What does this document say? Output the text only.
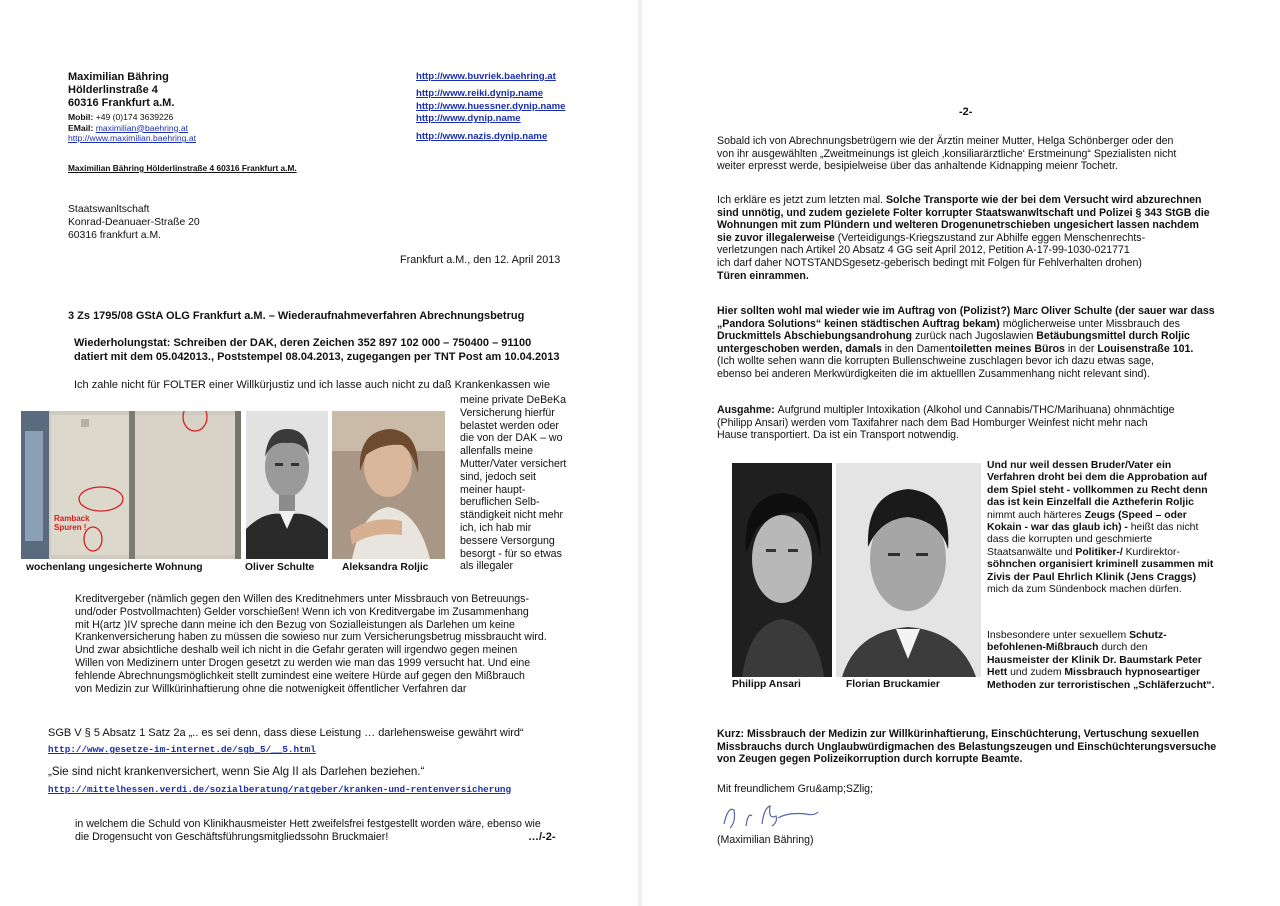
Maximilian Bähring
Hölderlinstraße 4
60316 Frankfurt a.M.
Mobil: +49 (0)174 3639226
EMail: maximilian@baehring.at
http://www.maximilian.baehring.at
http://www.buvriek.baehring.at
http://www.reiki.dynip.name
http://www.huessner.dynip.name
http://www.dynip.name
http://www.nazis.dynip.name
Maximilian Bähring Hölderlinstraße 4 60316 Frankfurt a.M.
Staatswanltschaft
Konrad-Deanuaer-Straße 20
60316 frankfurt a.M.
Frankfurt a.M., den 12. April 2013
3 Zs 1795/08 GStA OLG Frankfurt a.M. – Wiederaufnahmeverfahren Abrechnungsbetrug
Wiederholungstat: Schreiben der DAK, deren Zeichen 352 897 102 000 – 750400 – 91100
datiert mit dem 05.042013., Poststempel 08.04.2013, zugegangen per TNT Post am 10.04.2013
Ich zahle nicht für FOLTER einer Willkürjustiz und ich lasse auch nicht zu daß Krankenkassen wie
meine private DeBeKa
Versicherung hierfür
belastet werden oder
die von der DAK – wo
allenfalls meine
Mutter/Vater versichert
sind, jedoch seit
meiner haupt-
beruflichen Selb-
ständigkeit nicht mehr
ich, ich hab mir
bessere Versorgung
besorgt - für so etwas
als illegaler
Ramback Spuren !
wochenlang ungesicherte Wohnung	Oliver Schulte	Aleksandra Roljic
Kreditvergeber (nämlich gegen den Willen des Kreditnehmers unter Missbrauch von Betreuungs-
und/oder Postvollmachten) Gelder vorschießen! Wenn ich von Kreditvergabe im Zusammenhang
mit H(artz )IV spreche dann meine ich den Bezug von Sozialleistungen als Darlehen um keine
Krankenversicherung haben zu müssen die sowieso nur zum Versicherungsbetrug missbraucht wird.
Und zwar absichtliche deshalb weil ich nicht in die Gefahr geraten will irgendwo gegen meinen
Willen von Medizinern unter Drogen gesetzt zu werden wie man das 1999 versucht hat. Und eine
fehlende Abrechnungsmöglichkeit stellt zumindest eine weitere Hürde auf gegen den Mißbrauch
von Medizin zur Willkürinhaftierung ohne die notwenigkeit öffentlicher Verfahren dar
SGB V § 5 Absatz 1 Satz 2a „.. es sei denn, dass diese Leistung … darlehensweise gewährt wird“
http://www.gesetze-im-internet.de/sgb_5/__5.html
„Sie sind nicht krankenversichert, wenn Sie Alg II als Darlehen beziehen.“
http://mittelhessen.verdi.de/sozialberatung/ratgeber/kranken-und-rentenversicherung
in welchem die Schuld von Klinikhausmeister Hett zweifelsfrei festgestellt worden wäre, ebenso wie
die Drogensucht von Geschäftsführungsmitgliedssohn Bruckmaier!	…/-2-
-2-
Sobald ich von Abrechnungsbetrügern wie der Ärztin meiner Mutter, Helga Schönberger oder den
von ihr ausgewählten „Zweitmeinungs ist gleich ‚konsiliarärztliche‘ Erstmeinung“ Spezialisten nicht
weiter erpresst werde, besipielweise über das anhaltende Kidnapping meienr Tochetr.
Ich erkläre es jetzt zum letzten mal. Solche Transporte wie der bei dem Versucht wird abzurechnen
sind unnötig, und zudem gezielete Folter korrupter Staatswanwltschaft und Polizei § 343 StGB die
Wohnungen mit zum Plündern und welteren Drogenunetrschieben ungesichert lassen nachdem
sie zuvor illegalerweise (Verteidigungs-Kriegszustand zur Abhilfe eggen Menschenrechts-
verletzungen nach Artikel 20 Absatz 4 GG seit April 2012, Petition A-17-99-1030-021771
ich darf daher NOTSTANDSgesetz-geberisch bedingt mit Folgen für Fehlverhalten drohen)
Türen einrammen.
Hier sollten wohl mal wieder wie im Auftrag von (Polizist?) Marc Oliver Schulte (der sauer war dass
„Pandora Solutions“ keinen städtischen Auftrag bekam) möglicherweise unter Missbrauch des
Druckmittels Abschiebungsandrohung zurück nach Jugoslawien Betäubungsmittel durch Roljic
untergeschoben werden, damals in den Damentoiletten meines Büros in der Louisenstraße 101.
(Ich wollte sehen wann die korrupten Bullenschweine zuschlagen bevor ich dazu etwas sage,
ebenso bei anderen Merkwürdigkeiten die im aktuelllen Zusammenhang nicht relevant sind).
Ausgahme: Aufgrund multipler Intoxikation (Alkohol und Cannabis/THC/Marihuana) ohnmächtige
(Philipp Ansari) werden vom Taxifahrer nach dem Bad Homburger Weinfest nicht mehr nach
Hause transportiert. Da ist ein Transport notwendig.
Philipp Ansari	Florian Bruckamier
Und nur weil dessen Bruder/Vater ein
Verfahren droht bei dem die Approbation auf
dem Spiel steht - vollkommen zu Recht denn
das ist kein Einzelfall die Aztheferin Roljic
nimmt auch härteres Zeugs (Speed – oder
Kokain - war das glaub ich) - heißt das nicht
dass die korrupten und geschmierte
Staatsanwälte und Politiker-/ Kurdirektor-
söhnchen organisiert kriminell zusammen mit
Zivis der Paul Ehrlich Klinik (Jens Craggs)
mich da zum Sündenbock machen dürfen.
Insbesondere unter sexuellem Schutz-
befohlenen-Mißbrauch durch den
Hausmeister der Klinik Dr. Baumstark Peter
Hett und zudem Missbrauch hypnoseartiger
Methoden zur terroristischen „Schläferzucht“.
Kurz: Missbrauch der Medizin zur Willkürinhaftierung, Einschüchterung, Vertuschung sexuellen
Missbrauchs durch Unglaubwürdigmachen des Belastungszeugen und Einschüchterungsversuche
von Zeugen gegen Polizeikorruption durch korrupte Beamte.
Mit freundlichem Gru&amp;SZlig;
(Maximilian Bähring)
